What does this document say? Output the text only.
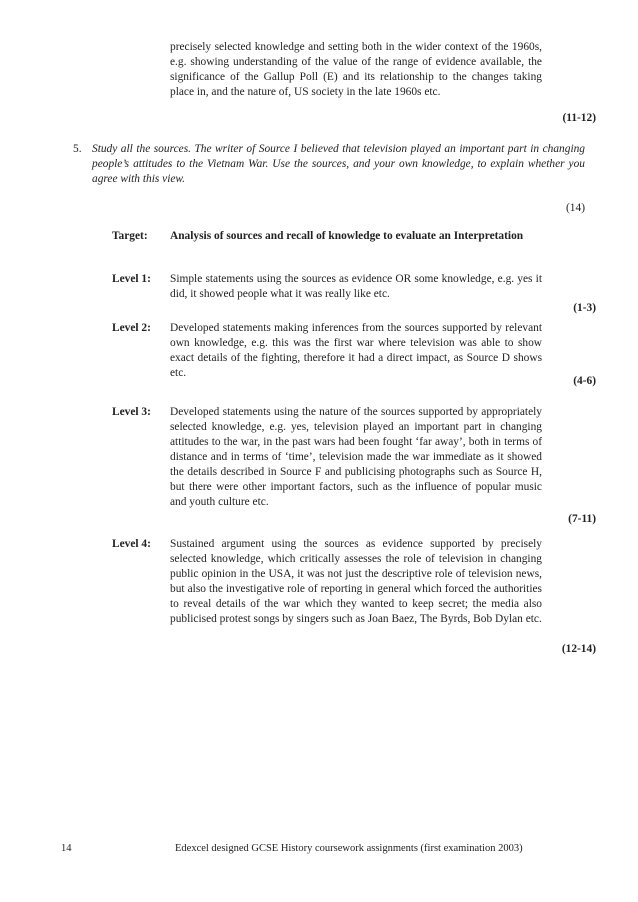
precisely selected knowledge and setting both in the wider context of the 1960s, e.g. showing understanding of the value of the range of evidence available, the significance of the Gallup Poll (E) and its relationship to the changes taking place in, and the nature of, US society in the late 1960s etc.
(11-12)
5. Study all the sources. The writer of Source I believed that television played an important part in changing people’s attitudes to the Vietnam War. Use the sources, and your own knowledge, to explain whether you agree with this view.
(14)
Target: Analysis of sources and recall of knowledge to evaluate an Interpretation
Level 1: Simple statements using the sources as evidence OR some knowledge, e.g. yes it did, it showed people what it was really like etc.
(1-3)
Level 2: Developed statements making inferences from the sources supported by relevant own knowledge, e.g. this was the first war where television was able to show exact details of the fighting, therefore it had a direct impact, as Source D shows etc.
(4-6)
Level 3: Developed statements using the nature of the sources supported by appropriately selected knowledge, e.g. yes, television played an important part in changing attitudes to the war, in the past wars had been fought ‘far away’, both in terms of distance and in terms of ‘time’, television made the war immediate as it showed the details described in Source F and publicising photographs such as Source H, but there were other important factors, such as the influence of popular music and youth culture etc.
(7-11)
Level 4: Sustained argument using the sources as evidence supported by precisely selected knowledge, which critically assesses the role of television in changing public opinion in the USA, it was not just the descriptive role of television news, but also the investigative role of reporting in general which forced the authorities to reveal details of the war which they wanted to keep secret; the media also publicised protest songs by singers such as Joan Baez, The Byrds, Bob Dylan etc.
(12-14)
14	Edexcel designed GCSE History coursework assignments (first examination 2003)
